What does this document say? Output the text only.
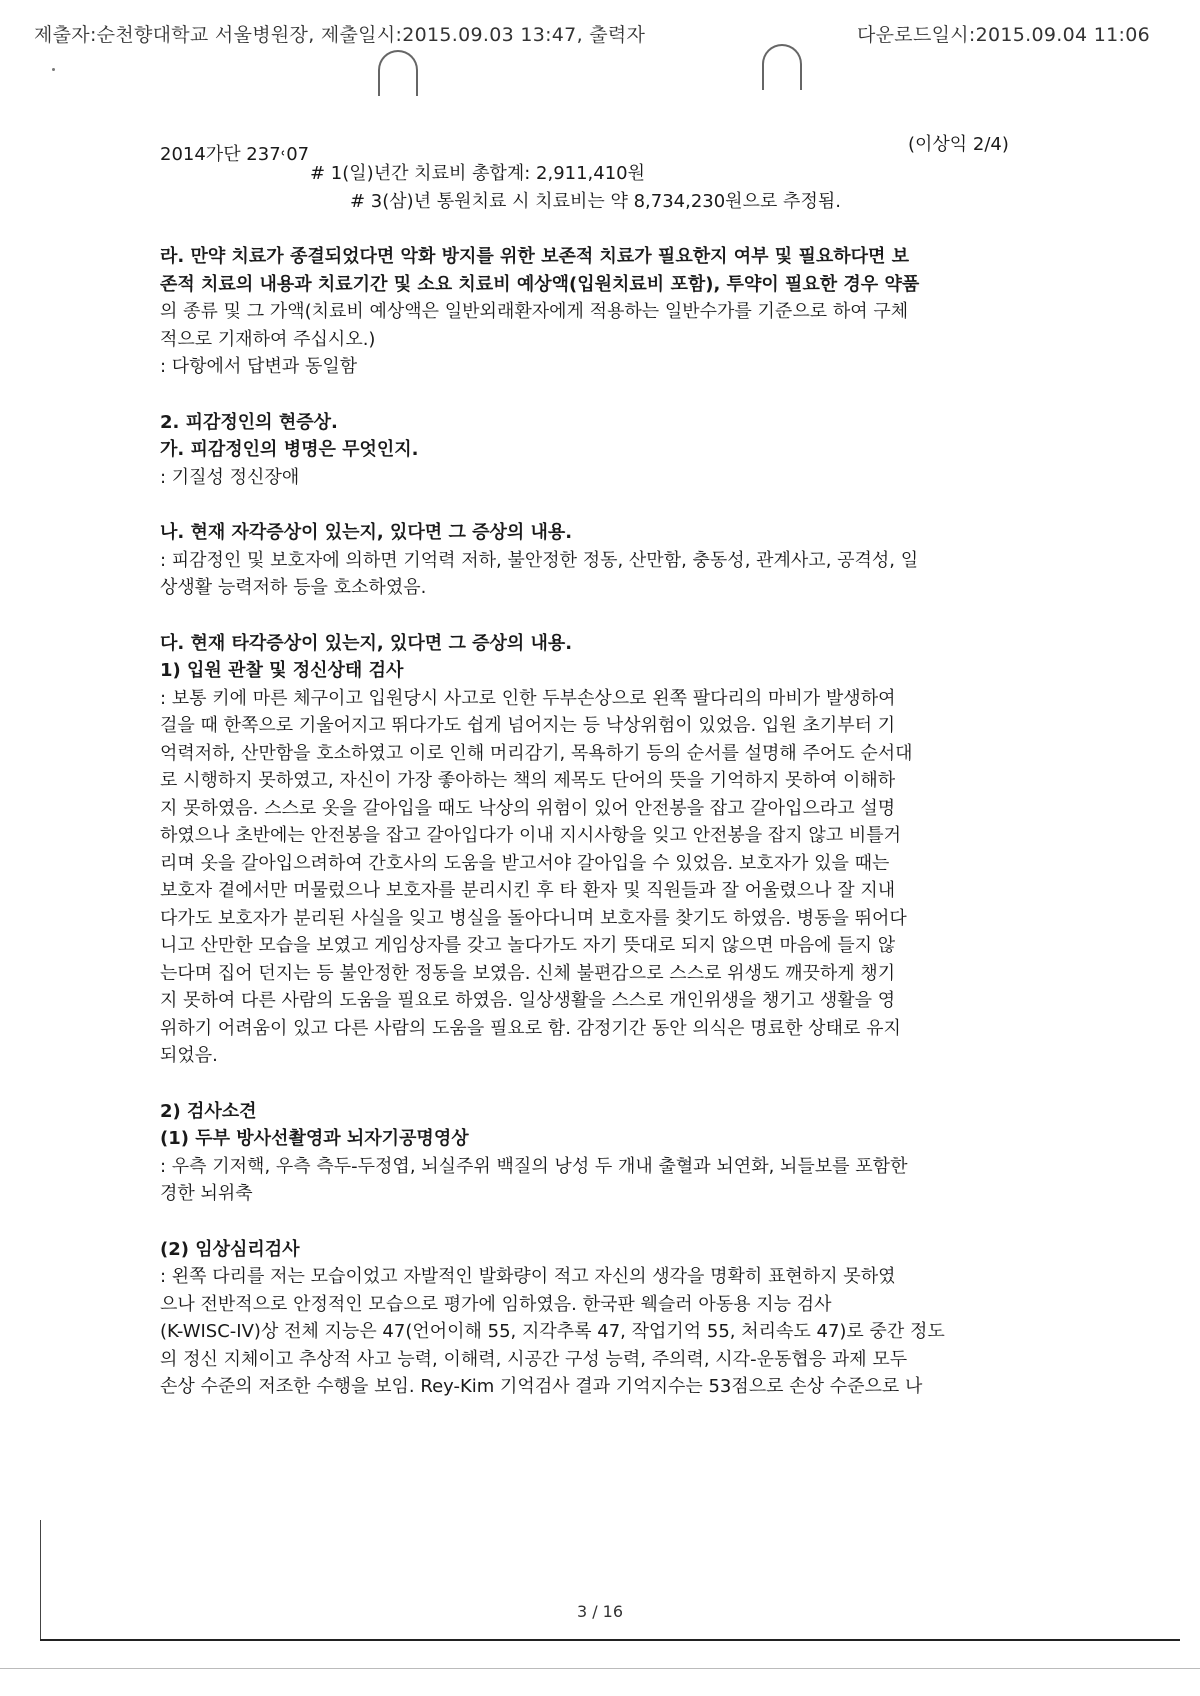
제출자:순천향대학교 서울병원장, 제출일시:2015.09.03 13:47, 출력자	다운로드일시:2015.09.04 11:06
2014가단 237˓07	(이상익 2/4)
# 1(일)년간 치료비 총합계: 2,911,410원
# 3(삼)년 통원치료 시 치료비는 약 8,734,230원으로 추정됨.
라. 만약 치료가 종결되었다면 악화 방지를 위한 보존적 치료가 필요한지 여부 및 필요하다면 보
존적 치료의 내용과 치료기간 및 소요 치료비 예상액(입원치료비 포함), 투약이 필요한 경우 약품
의 종류 및 그 가액(치료비 예상액은 일반외래환자에게 적용하는 일반수가를 기준으로 하여 구체
적으로 기재하여 주십시오.)
: 다항에서 답변과 동일함
2. 피감정인의 현증상.
가. 피감정인의 병명은 무엇인지.
: 기질성 정신장애
나. 현재 자각증상이 있는지, 있다면 그 증상의 내용.
: 피감정인 및 보호자에 의하면 기억력 저하, 불안정한 정동, 산만함, 충동성, 관계사고, 공격성, 일
상생활 능력저하 등을 호소하였음.
다. 현재 타각증상이 있는지, 있다면 그 증상의 내용.
1) 입원 관찰 및 정신상태 검사
: 보통 키에 마른 체구이고 입원당시 사고로 인한 두부손상으로 왼쪽 팔다리의 마비가 발생하여
걸을 때 한쪽으로 기울어지고 뛰다가도 쉽게 넘어지는 등 낙상위험이 있었음. 입원 초기부터 기
억력저하, 산만함을 호소하였고 이로 인해 머리감기, 목욕하기 등의 순서를 설명해 주어도 순서대
로 시행하지 못하였고, 자신이 가장 좋아하는 책의 제목도 단어의 뜻을 기억하지 못하여 이해하
지 못하였음. 스스로 옷을 갈아입을 때도 낙상의 위험이 있어 안전봉을 잡고 갈아입으라고 설명
하였으나 초반에는 안전봉을 잡고 갈아입다가 이내 지시사항을 잊고 안전봉을 잡지 않고 비틀거
리며 옷을 갈아입으려하여 간호사의 도움을 받고서야 갈아입을 수 있었음. 보호자가 있을 때는
보호자 곁에서만 머물렀으나 보호자를 분리시킨 후 타 환자 및 직원들과 잘 어울렸으나 잘 지내
다가도 보호자가 분리된 사실을 잊고 병실을 돌아다니며 보호자를 찾기도 하였음. 병동을 뛰어다
니고 산만한 모습을 보였고 게임상자를 갖고 놀다가도 자기 뜻대로 되지 않으면 마음에 들지 않
는다며 집어 던지는 등 불안정한 정동을 보였음. 신체 불편감으로 스스로 위생도 깨끗하게 챙기
지 못하여 다른 사람의 도움을 필요로 하였음. 일상생활을 스스로 개인위생을 챙기고 생활을 영
위하기 어려움이 있고 다른 사람의 도움을 필요로 함. 감정기간 동안 의식은 명료한 상태로 유지
되었음.
2) 검사소견
(1) 두부 방사선촬영과 뇌자기공명영상
: 우측 기저핵, 우측 측두-두정엽, 뇌실주위 백질의 낭성 두 개내 출혈과 뇌연화, 뇌들보를 포함한
경한 뇌위축
(2) 임상심리검사
: 왼쪽 다리를 저는 모습이었고 자발적인 발화량이 적고 자신의 생각을 명확히 표현하지 못하였
으나 전반적으로 안정적인 모습으로 평가에 임하였음. 한국판 웩슬러 아동용 지능 검사
(K-WISC-IV)상 전체 지능은 47(언어이해 55, 지각추록 47, 작업기억 55, 처리속도 47)로 중간 정도
의 정신 지체이고 추상적 사고 능력, 이해력, 시공간 구성 능력, 주의력, 시각-운동협응 과제 모두
손상 수준의 저조한 수행을 보임. Rey-Kim 기억검사 결과 기억지수는 53점으로 손상 수준으로 나
3 / 16
